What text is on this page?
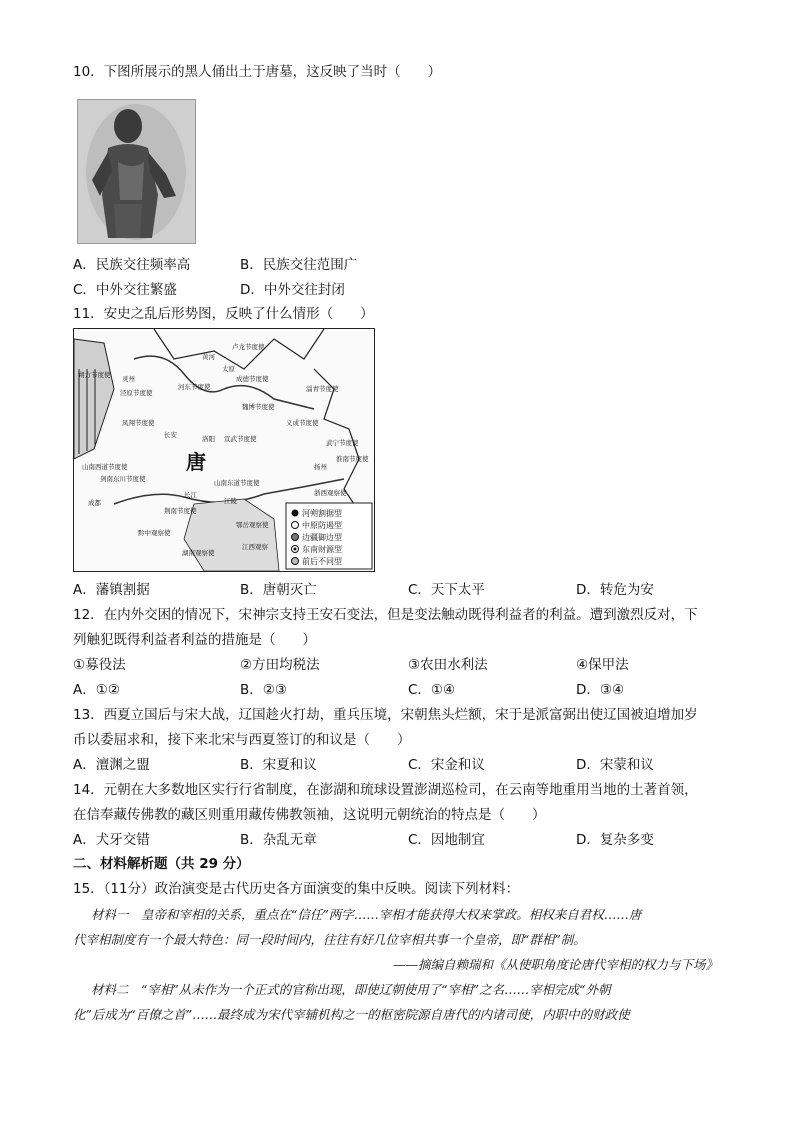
10．下图所展示的黑人俑出土于唐墓，这反映了当时（　　）
A．民族交往频率高	B．民族交往范围广
C．中外交往繁盛	D．中外交往封闭
11．安史之乱后形势图，反映了什么情形（　　）
朔方节度使 灵州
泾原节度使
凤翔节度使
长安
山南西道节度使
剑南东川节度使
成都
黔中观察使
荆南节度使
江陵
鄂岳观察使
湖南观察使
江西观察
卢龙节度使
成德节度使
魏博节度使
淄青节度使
宣武节度使
义成节度使
武宁节度使
淮南节度使
浙西观察使
太原
洛阳
扬州
河东节度使
山南东道节度使
黄河
长江
唐
河朔割据型
中原防遏型
边疆御边型
东南财源型
前后不同型
A．藩镇割据	B．唐朝灭亡	C．天下太平	D．转危为安
12．在内外交困的情况下，宋神宗支持王安石变法，但是变法触动既得利益者的利益。遭到激烈反对，下
列触犯既得利益者利益的措施是（　　）
①募役法	②方田均税法	③农田水利法	④保甲法
A．①②	B．②③	C．①④	D．③④
13．西夏立国后与宋大战，辽国趁火打劫，重兵压境，宋朝焦头烂额，宋于是派富弼出使辽国被迫增加岁
币以委屈求和，接下来北宋与西夏签订的和议是（　　）
A．澶渊之盟	B．宋夏和议	C．宋金和议	D．宋蒙和议
14．元朝在大多数地区实行行省制度，在澎湖和琉球设置澎湖巡检司，在云南等地重用当地的土著首领，
在信奉藏传佛教的藏区则重用藏传佛教领袖，这说明元朝统治的特点是（　　）
A．犬牙交错	B．杂乱无章	C．因地制宜	D．复杂多变
二、材料解析题（共 29 分）
15．（11分）政治演变是古代历史各方面演变的集中反映。阅读下列材料：
材料一　皇帝和宰相的关系，重点在“信任”两字……宰相才能获得大权来掌政。相权来自君权……唐
代宰相制度有一个最大特色：同一段时间内，往往有好几位宰相共事一个皇帝，即“群相”制。
——摘编自赖瑞和《从使职角度论唐代宰相的权力与下场》
材料二　“宰相”从未作为一个正式的官称出现，即使辽朝使用了“宰相”之名……宰相完成“外朝
化”后成为“百僚之首”……最终成为宋代宰辅机构之一的枢密院源自唐代的内诸司使，内职中的财政使
